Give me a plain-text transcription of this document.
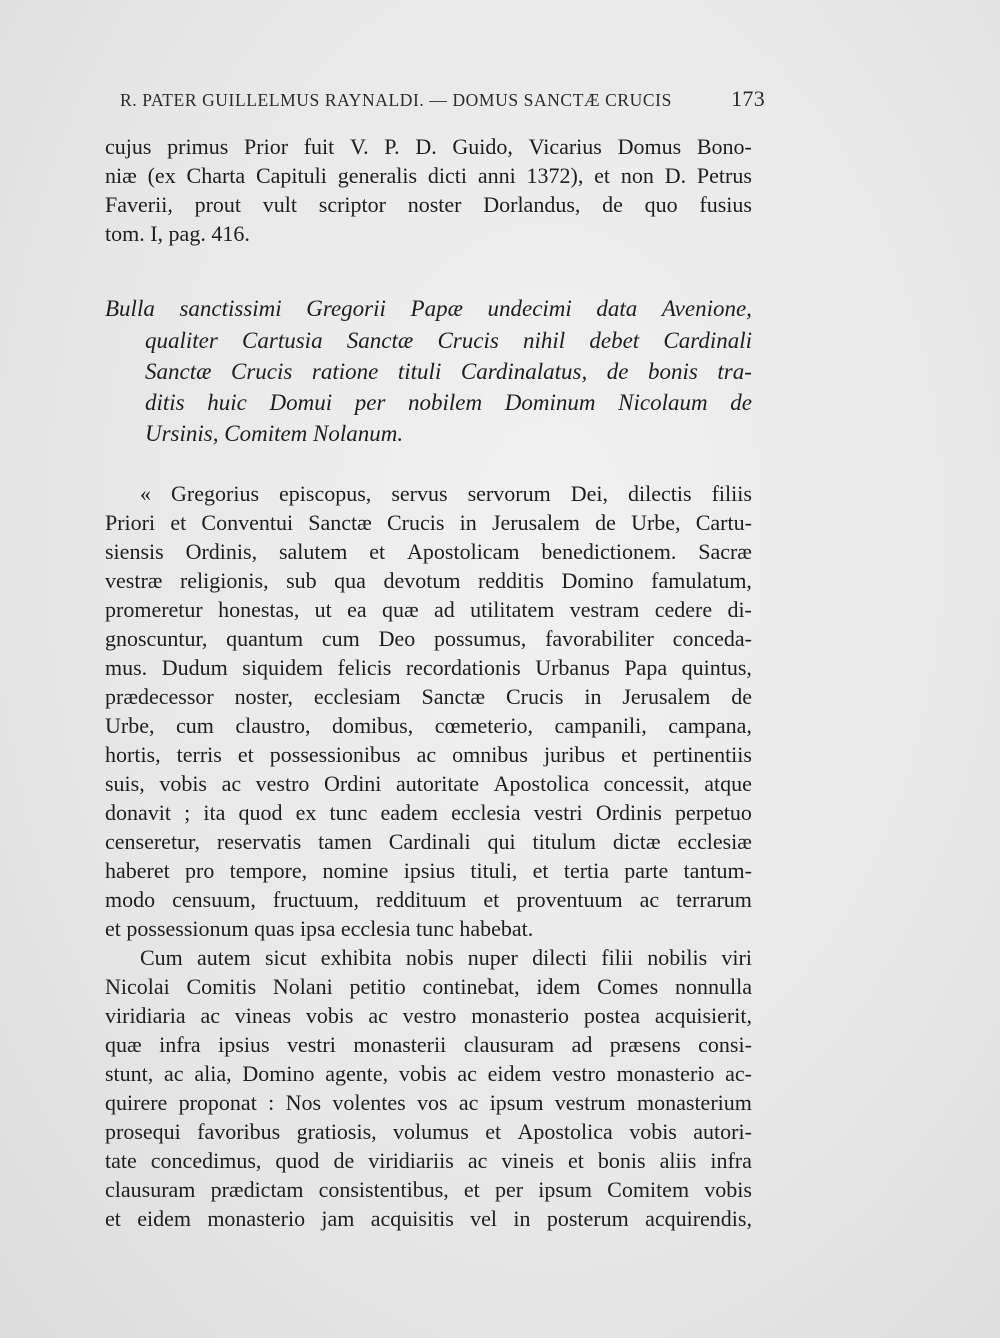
R. PATER GUILLELMUS RAYNALDI. — DOMUS SANCTÆ CRUCIS	173
cujus primus Prior fuit V. P. D. Guido, Vicarius Domus Bono-
niæ (ex Charta Capituli generalis dicti anni 1372), et non D. Petrus
Faverii, prout vult scriptor noster Dorlandus, de quo fusius
tom. I, pag. 416.
Bulla sanctissimi Gregorii Papæ undecimi data Avenione,
qualiter Cartusia Sanctæ Crucis nihil debet Cardinali
Sanctæ Crucis ratione tituli Cardinalatus, de bonis tra-
ditis huic Domui per nobilem Dominum Nicolaum de
Ursinis, Comitem Nolanum.
« Gregorius episcopus, servus servorum Dei, dilectis filiis
Priori et Conventui Sanctæ Crucis in Jerusalem de Urbe, Cartu-
siensis Ordinis, salutem et Apostolicam benedictionem. Sacræ
vestræ religionis, sub qua devotum redditis Domino famulatum,
promeretur honestas, ut ea quæ ad utilitatem vestram cedere di-
gnoscuntur, quantum cum Deo possumus, favorabiliter conceda-
mus. Dudum siquidem felicis recordationis Urbanus Papa quintus,
prædecessor noster, ecclesiam Sanctæ Crucis in Jerusalem de
Urbe, cum claustro, domibus, cœmeterio, campanili, campana,
hortis, terris et possessionibus ac omnibus juribus et pertinentiis
suis, vobis ac vestro Ordini autoritate Apostolica concessit, atque
donavit ; ita quod ex tunc eadem ecclesia vestri Ordinis perpetuo
censeretur, reservatis tamen Cardinali qui titulum dictæ ecclesiæ
haberet pro tempore, nomine ipsius tituli, et tertia parte tantum-
modo censuum, fructuum, reddituum et proventuum ac terrarum
et possessionum quas ipsa ecclesia tunc habebat.
Cum autem sicut exhibita nobis nuper dilecti filii nobilis viri
Nicolai Comitis Nolani petitio continebat, idem Comes nonnulla
viridiaria ac vineas vobis ac vestro monasterio postea acquisierit,
quæ infra ipsius vestri monasterii clausuram ad præsens consi-
stunt, ac alia, Domino agente, vobis ac eidem vestro monasterio ac-
quirere proponat : Nos volentes vos ac ipsum vestrum monasterium
prosequi favoribus gratiosis, volumus et Apostolica vobis autori-
tate concedimus, quod de viridiariis ac vineis et bonis aliis infra
clausuram prædictam consistentibus, et per ipsum Comitem vobis
et eidem monasterio jam acquisitis vel in posterum acquirendis,
